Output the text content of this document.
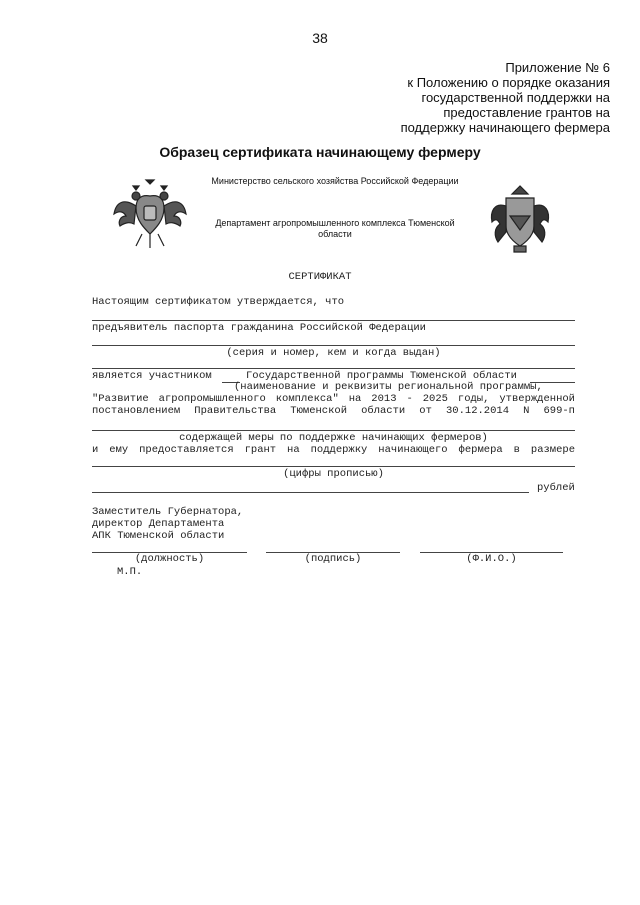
38
Приложение № 6
к Положению о порядке оказания
государственной поддержки на
предоставление грантов на
поддержку начинающего фермера
Образец сертификата начинающему фермеру
Министерство сельского хозяйства Российской Федерации
Департамент агропромышленного комплекса Тюменской области
СЕРТИФИКАТ
Настоящим сертификатом утверждается, что
предъявитель паспорта гражданина Российской Федерации
(серия и номер, кем и когда выдан)
является участником	Государственной программы Тюменской области
(наименование и реквизиты региональной программы,
"Развитие агропромышленного комплекса" на 2013 - 2025 годы, утвержденной
постановлением Правительства Тюменской области от 30.12.2014 N 699-п
содержащей меры по поддержке начинающих фермеров)
и ему предоставляется грант на поддержку начинающего фермера в размере
(цифры прописью)
рублей
Заместитель Губернатора,
директор Департамента
АПК Тюменской области
(должность)	(подпись)	(Ф.И.О.)
М.П.
